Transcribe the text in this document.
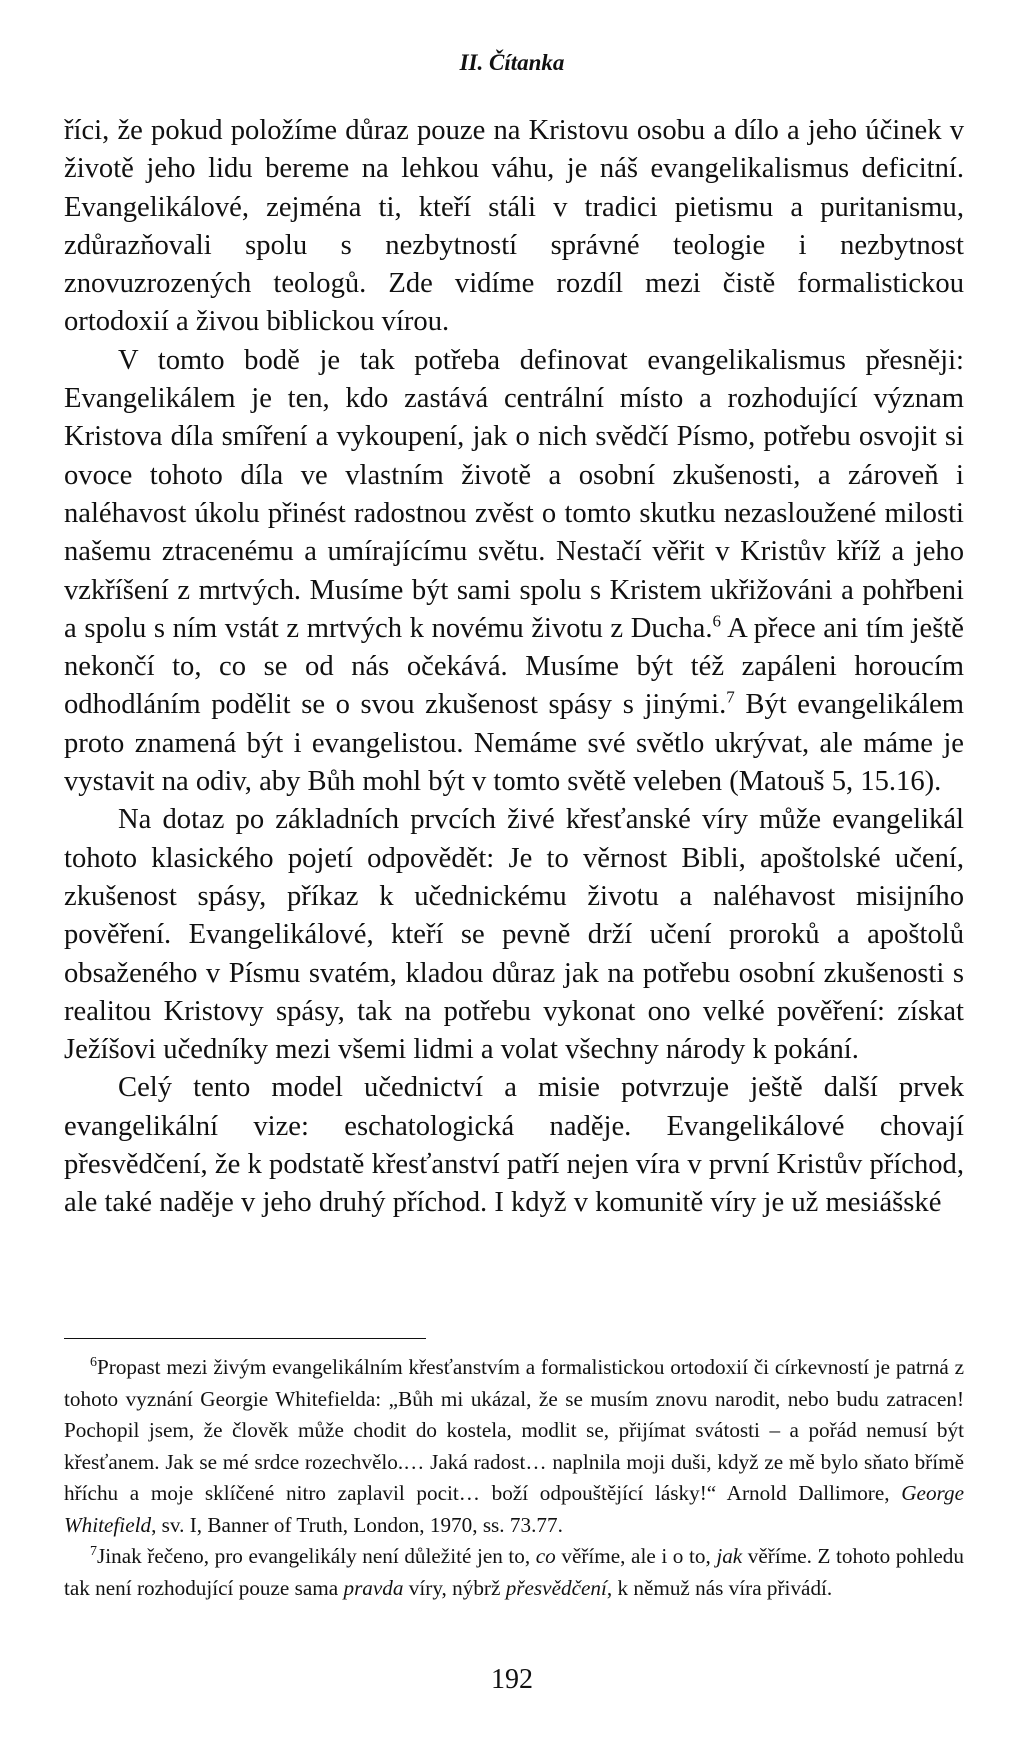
II. Čítanka

říci, že pokud položíme důraz pouze na Kristovu osobu a dílo a jeho účinek v životě jeho lidu bereme na lehkou váhu, je náš evangelikalismus deficitní. Evangelikálové, zejména ti, kteří stáli v tradici pietismu a puritanismu, zdůrazňovali spolu s nezbytností správné teologie i nezbytnost znovuzrozených teologů. Zde vidíme rozdíl mezi čistě formalistickou ortodoxií a živou biblickou vírou.

V tomto bodě je tak potřeba definovat evangelikalismus přesněji: Evangelikálem je ten, kdo zastává centrální místo a rozhodující význam Kristova díla smíření a vykoupení, jak o nich svědčí Písmo, potřebu osvojit si ovoce tohoto díla ve vlastním životě a osobní zkušenosti, a zároveň i naléhavost úkolu přinést radostnou zvěst o tomto skutku nezasloužené milosti našemu ztracenému a umírajícímu světu. Nestačí věřit v Kristův kříž a jeho vzkříšení z mrtvých. Musíme být sami spolu s Kristem ukřižováni a pohřbeni a spolu s ním vstát z mrtvých k novému životu z Ducha.$^6$ A přece ani tím ještě nekončí to, co se od nás očekává. Musíme být též zapáleni horoucím odhodláním podělit se o svou zkušenost spásy s jinými.$^7$ Být evangelikálem proto znamená být i evangelistou. Nemáme své světlo ukrývat, ale máme je vystavit na odiv, aby Bůh mohl být v tomto světě veleben (Matouš 5, 15.16).

Na dotaz po základních prvcích živé křesťanské víry může evangelikál tohoto klasického pojetí odpovědět: Je to věrnost Bibli, apoštolské učení, zkušenost spásy, příkaz k učednickému životu a naléhavost misijního pověření. Evangelikálové, kteří se pevně drží učení proroků a apoštolů obsaženého v Písmu svatém, kladou důraz jak na potřebu osobní zkušenosti s realitou Kristovy spásy, tak na potřebu vykonat ono velké pověření: získat Ježíšovi učedníky mezi všemi lidmi a volat všechny národy k pokání.

Celý tento model učednictví a misie potvrzuje ještě další prvek evangelikální vize: eschatologická naděje. Evangelikálové chovají přesvědčení, že k podstatě křesťanství patří nejen víra v první Kristův příchod, ale také naděje v jeho druhý příchod. I když v komunitě víry je už mesiášské

$^6$Propast mezi živým evangelikálním křesťanstvím a formalistickou ortodoxií či církevností je patrná z tohoto vyznání Georgie Whitefielda: „Bůh mi ukázal, že se musím znovu narodit, nebo budu zatracen! Pochopil jsem, že člověk může chodit do kostela, modlit se, přijímat svátosti – a pořád nemusí být křesťanem. Jak se mé srdce rozechvělo.… Jaká radost… naplnila moji duši, když ze mě bylo sňato břímě hříchu a moje sklíčené nitro zaplavil pocit… boží odpouštějící lásky!“ Arnold Dallimore, George Whitefield, sv. I, Banner of Truth, London, 1970, ss. 73.77.

$^7$Jinak řečeno, pro evangelikály není důležité jen to, co věříme, ale i o to, jak věříme. Z tohoto pohledu tak není rozhodující pouze sama pravda víry, nýbrž přesvědčení, k němuž nás víra přivádí.

192
